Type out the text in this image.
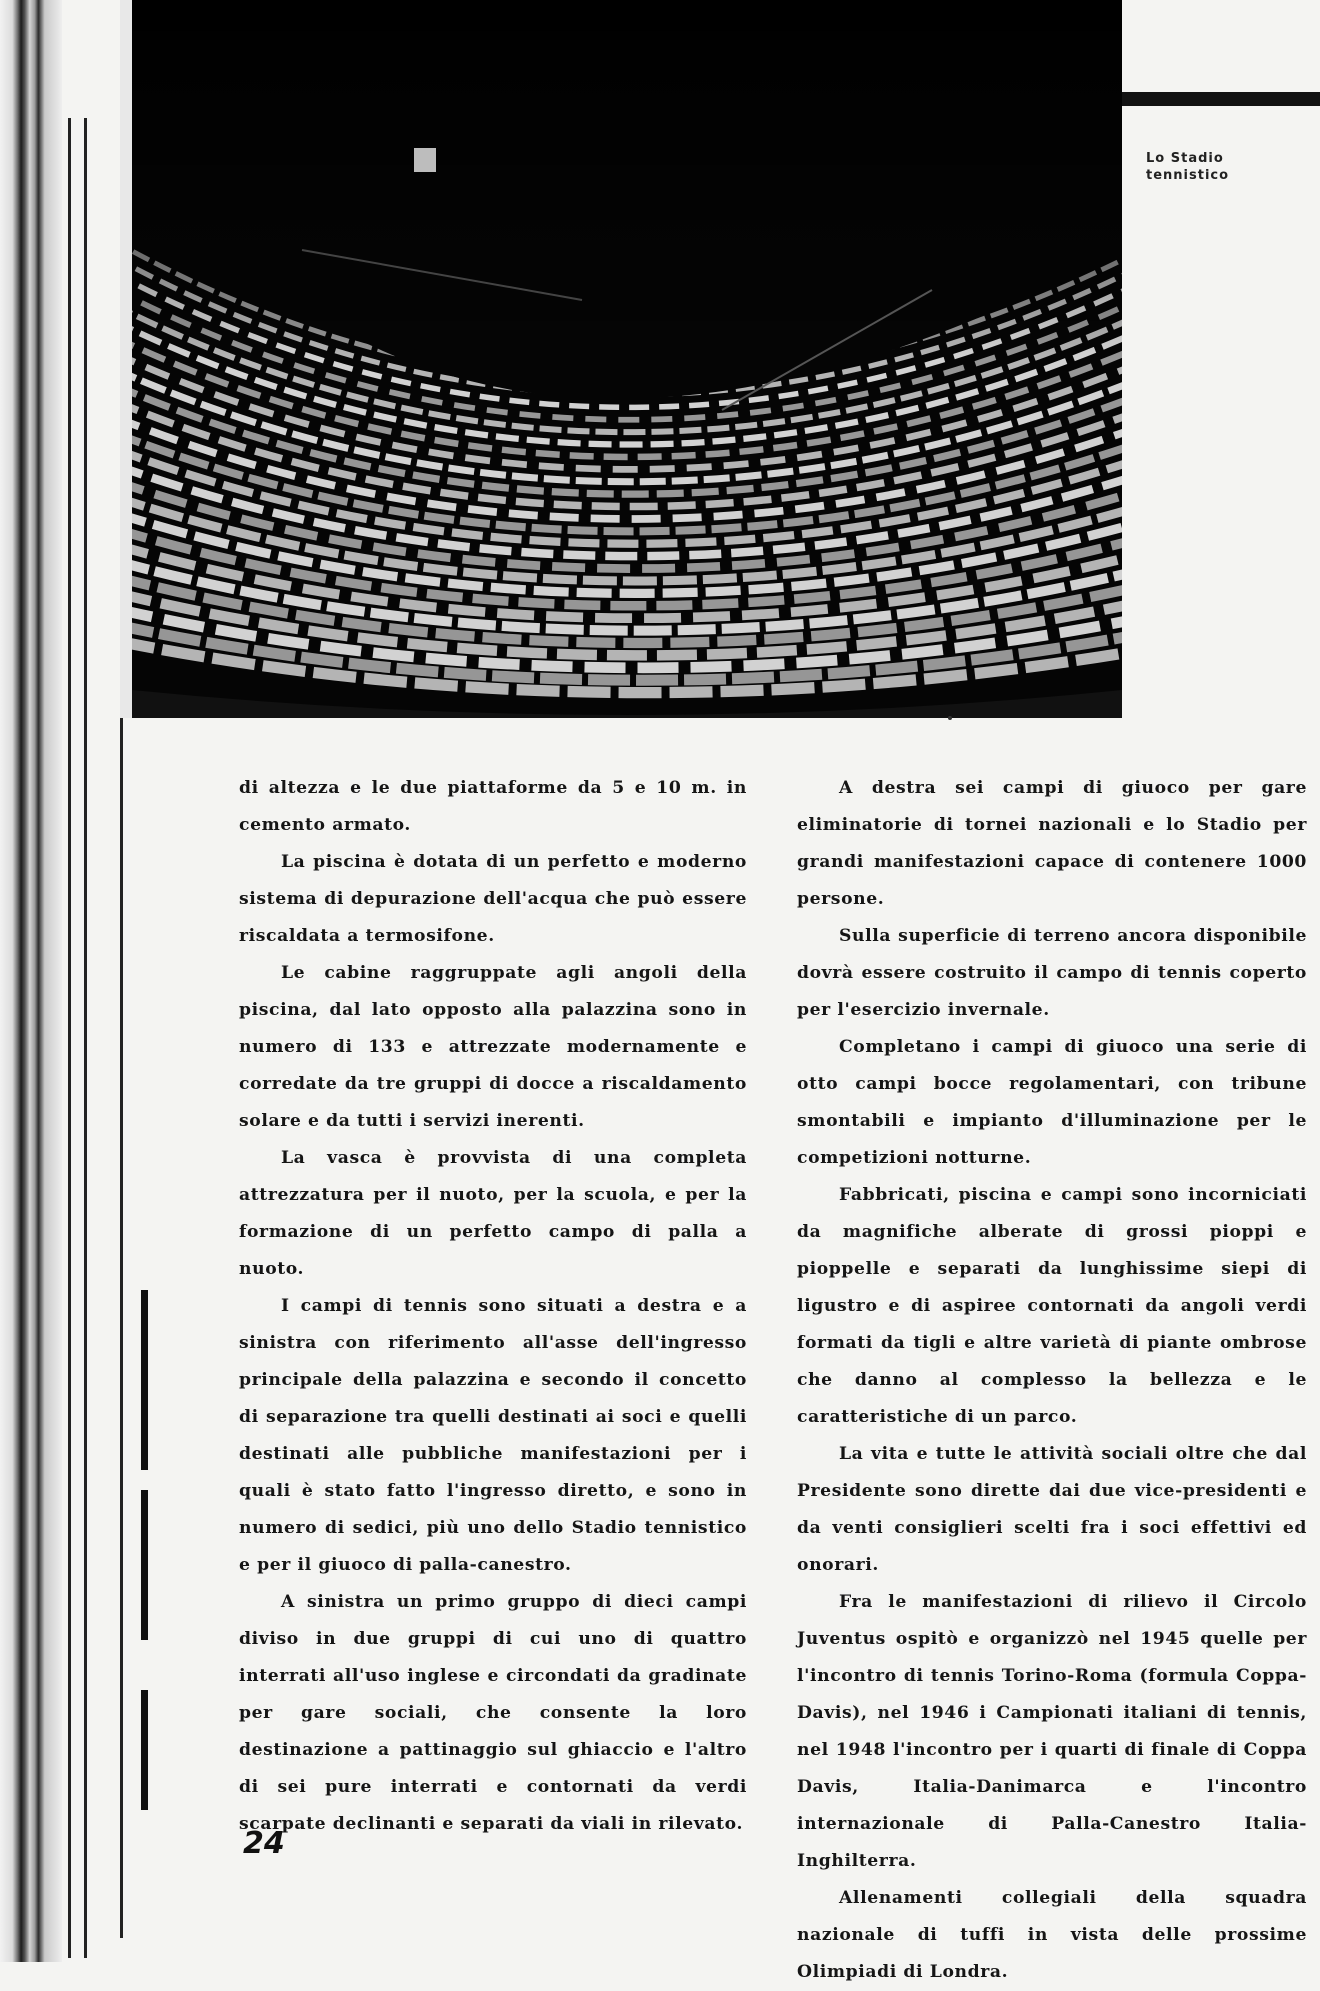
Lo Stadio
tennistico

di altezza e le due piattaforme da 5 e 10 m. in cemento armato.

La piscina è dotata di un perfetto e moderno sistema di depurazione dell'acqua che può essere riscaldata a termosifone.

Le cabine raggruppate agli angoli della piscina, dal lato opposto alla palazzina sono in numero di 133 e attrezzate modernamente e corredate da tre gruppi di docce a riscaldamento solare e da tutti i servizi inerenti.

La vasca è provvista di una completa attrezzatura per il nuoto, per la scuola, e per la formazione di un perfetto campo di palla a nuoto.

I campi di tennis sono situati a destra e a sinistra con riferimento all'asse dell'ingresso principale della palazzina e secondo il concetto di separazione tra quelli destinati ai soci e quelli destinati alle pubbliche manifestazioni per i quali è stato fatto l'ingresso diretto, e sono in numero di sedici, più uno dello Stadio tennistico e per il giuoco di palla-canestro.

A sinistra un primo gruppo di dieci campi diviso in due gruppi di cui uno di quattro interrati all'uso inglese e circondati da gradinate per gare sociali, che consente la loro destinazione a pattinaggio sul ghiaccio e l'altro di sei pure interrati e contornati da verdi scarpate declinanti e separati da viali in rilevato.

A destra sei campi di giuoco per gare eliminatorie di tornei nazionali e lo Stadio per grandi manifestazioni capace di contenere 1000 persone.

Sulla superficie di terreno ancora disponibile dovrà essere costruito il campo di tennis coperto per l'esercizio invernale.

Completano i campi di giuoco una serie di otto campi bocce regolamentari, con tribune smontabili e impianto d'illuminazione per le competizioni notturne.

Fabbricati, piscina e campi sono incorniciati da magnifiche alberate di grossi pioppi e pioppelle e separati da lunghissime siepi di ligustro e di aspiree contornati da angoli verdi formati da tigli e altre varietà di piante ombrose che danno al complesso la bellezza e le caratteristiche di un parco.

La vita e tutte le attività sociali oltre che dal Presidente sono dirette dai due vice-presidenti e da venti consiglieri scelti fra i soci effettivi ed onorari.

Fra le manifestazioni di rilievo il Circolo Juventus ospitò e organizzò nel 1945 quelle per l'incontro di tennis Torino-Roma (formula Coppa-Davis), nel 1946 i Campionati italiani di tennis, nel 1948 l'incontro per i quarti di finale di Coppa Davis, Italia-Danimarca e l'incontro internazionale di Palla-Canestro Italia-Inghilterra.

Allenamenti collegiali della squadra nazionale di tuffi in vista delle prossime Olimpiadi di Londra.

24
